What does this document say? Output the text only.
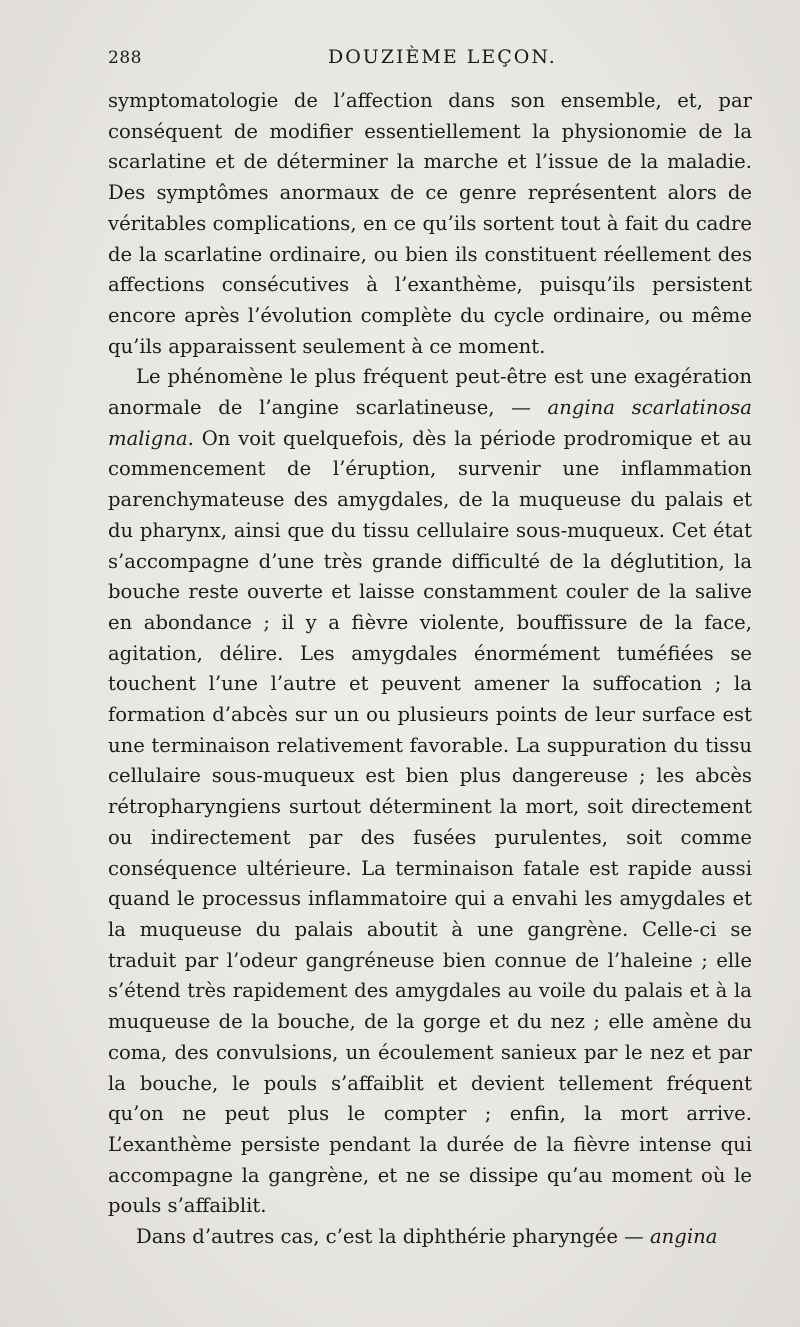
288	DOUZIÈME LEÇON.

symptomatologie de l’affection dans son ensemble, et, par conséquent de modifier essentiellement la physionomie de la scarlatine et de déterminer la marche et l’issue de la maladie. Des symptômes anormaux de ce genre représentent alors de véritables complications, en ce qu’ils sortent tout à fait du cadre de la scarlatine ordinaire, ou bien ils constituent réellement des affections consécutives à l’exanthème, puisqu’ils persistent encore après l’évolution complète du cycle ordinaire, ou même qu’ils apparaissent seulement à ce moment.

Le phénomène le plus fréquent peut-être est une exagération anormale de l’angine scarlatineuse, — angina scarlatinosa maligna. On voit quelquefois, dès la période prodromique et au commencement de l’éruption, survenir une inflammation parenchymateuse des amygdales, de la muqueuse du palais et du pharynx, ainsi que du tissu cellulaire sous-muqueux. Cet état s’accompagne d’une très grande difficulté de la déglutition, la bouche reste ouverte et laisse constamment couler de la salive en abondance ; il y a fièvre violente, bouffissure de la face, agitation, délire. Les amygdales énormément tuméfiées se touchent l’une l’autre et peuvent amener la suffocation ; la formation d’abcès sur un ou plusieurs points de leur surface est une terminaison relativement favorable. La suppuration du tissu cellulaire sous-muqueux est bien plus dangereuse ; les abcès rétropharyngiens surtout déterminent la mort, soit directement ou indirectement par des fusées purulentes, soit comme conséquence ultérieure. La terminaison fatale est rapide aussi quand le processus inflammatoire qui a envahi les amygdales et la muqueuse du palais aboutit à une gangrène. Celle-ci se traduit par l’odeur gangréneuse bien connue de l’haleine ; elle s’étend très rapidement des amygdales au voile du palais et à la muqueuse de la bouche, de la gorge et du nez ; elle amène du coma, des convulsions, un écoulement sanieux par le nez et par la bouche, le pouls s’affaiblit et devient tellement fréquent qu’on ne peut plus le compter ; enfin, la mort arrive. L’exanthème persiste pendant la durée de la fièvre intense qui accompagne la gangrène, et ne se dissipe qu’au moment où le pouls s’affaiblit.

Dans d’autres cas, c’est la diphthérie pharyngée — angina
